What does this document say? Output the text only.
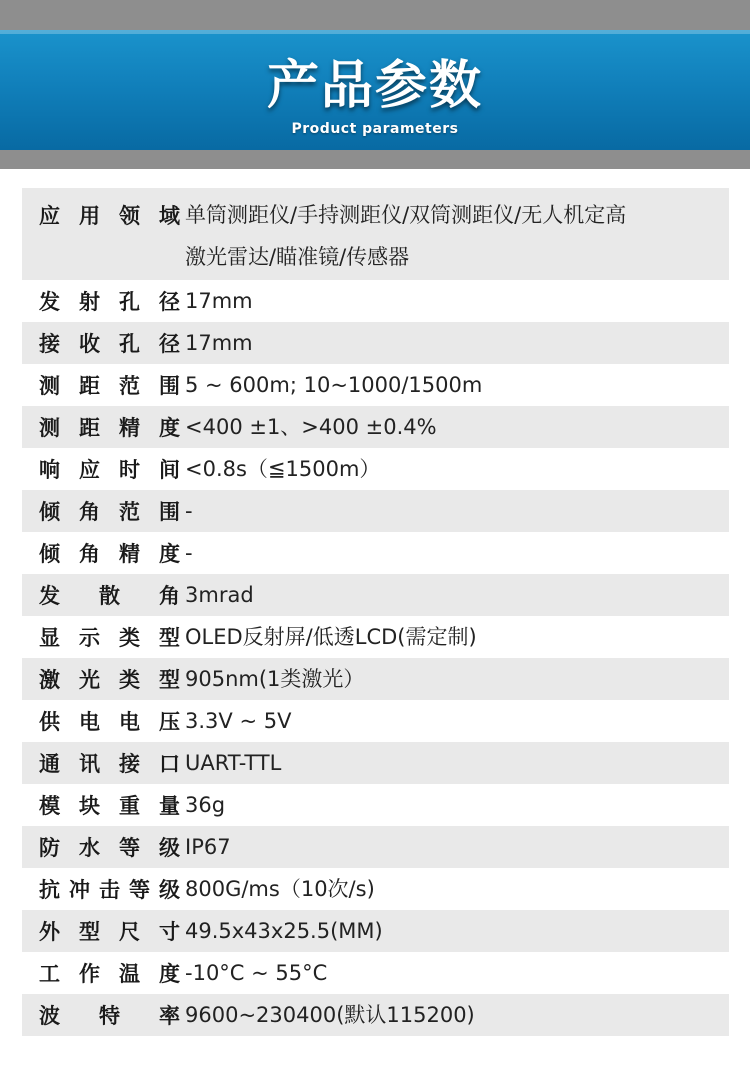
产品参数
Product parameters
应 用 领 域 单筒测距仪/手持测距仪/双筒测距仪/无人机定高
激光雷达/瞄准镜/传感器
发 射 孔 径 17mm
接 收 孔 径 17mm
测 距 范 围 5 ~ 600m; 10~1000/1500m
测 距 精 度 <400 ±1、>400 ±0.4%
响 应 时 间 <0.8s（≦1500m）
倾 角 范 围 -
倾 角 精 度 -
发 散 角 3mrad
显 示 类 型 OLED反射屏/低透LCD(需定制)
激 光 类 型 905nm(1类激光）
供 电 电 压 3.3V ~ 5V
通 讯 接 口 UART-TTL
模 块 重 量 36g
防 水 等 级 IP67
抗 冲 击 等 级 800G/ms（10次/s)
外 型 尺 寸 49.5x43x25.5(MM)
工 作 温 度 -10°C ~ 55°C
波 特 率 9600~230400(默认115200)
